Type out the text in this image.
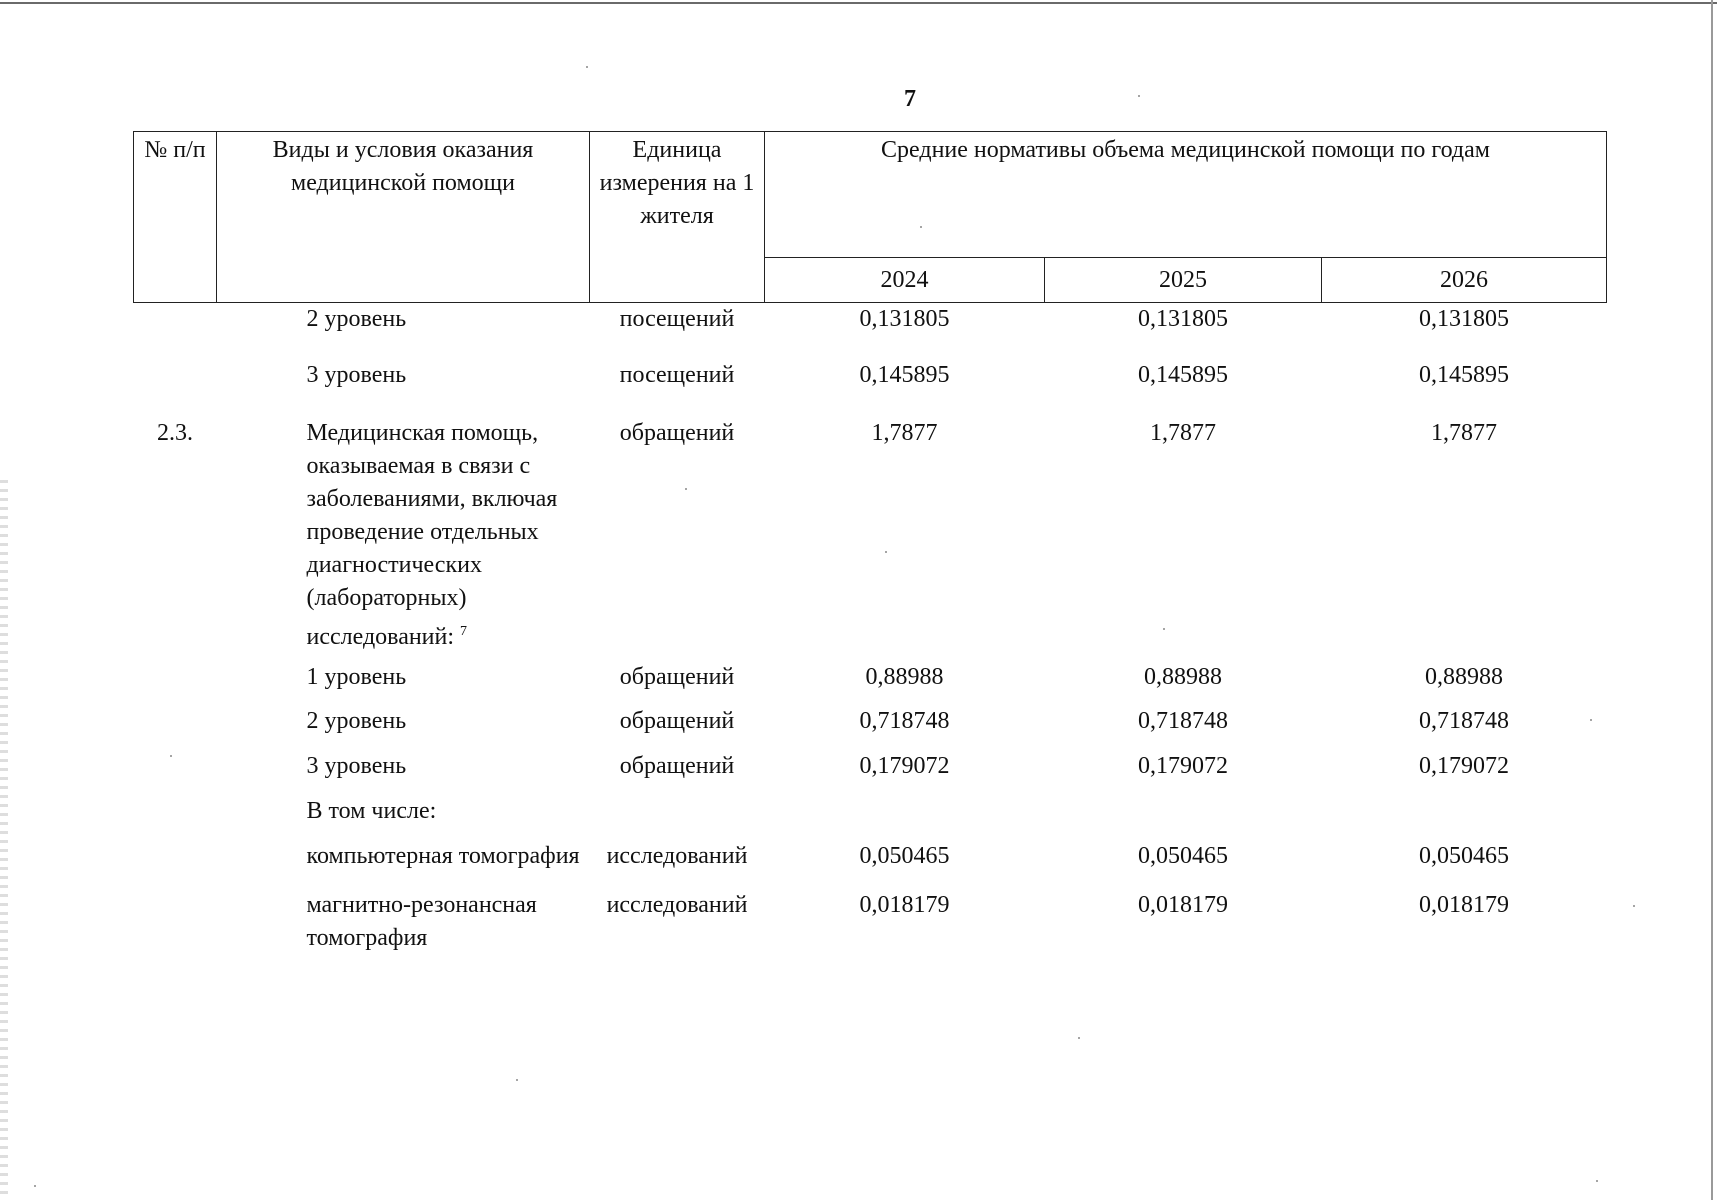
7
№ п/п	Виды и условия оказания медицинской помощи	Единица измерения на 1 жителя	Средние нормативы объема медицинской помощи по годам		
			2024	2025	2026
	2 уровень	посещений	0,131805	0,131805	0,131805
	3 уровень	посещений	0,145895	0,145895	0,145895
2.3.	Медицинская помощь, оказываемая в связи с заболеваниями, включая проведение отдельных диагностических (лабораторных) исследований: $^7$	обращений	1,7877	1,7877	1,7877
	1 уровень	обращений	0,88988	0,88988	0,88988
	2 уровень	обращений	0,718748	0,718748	0,718748
	3 уровень	обращений	0,179072	0,179072	0,179072
	В том числе:				
	компьютерная томография	исследований	0,050465	0,050465	0,050465
	магнитно-резонансная томография	исследований	0,018179	0,018179	0,018179
